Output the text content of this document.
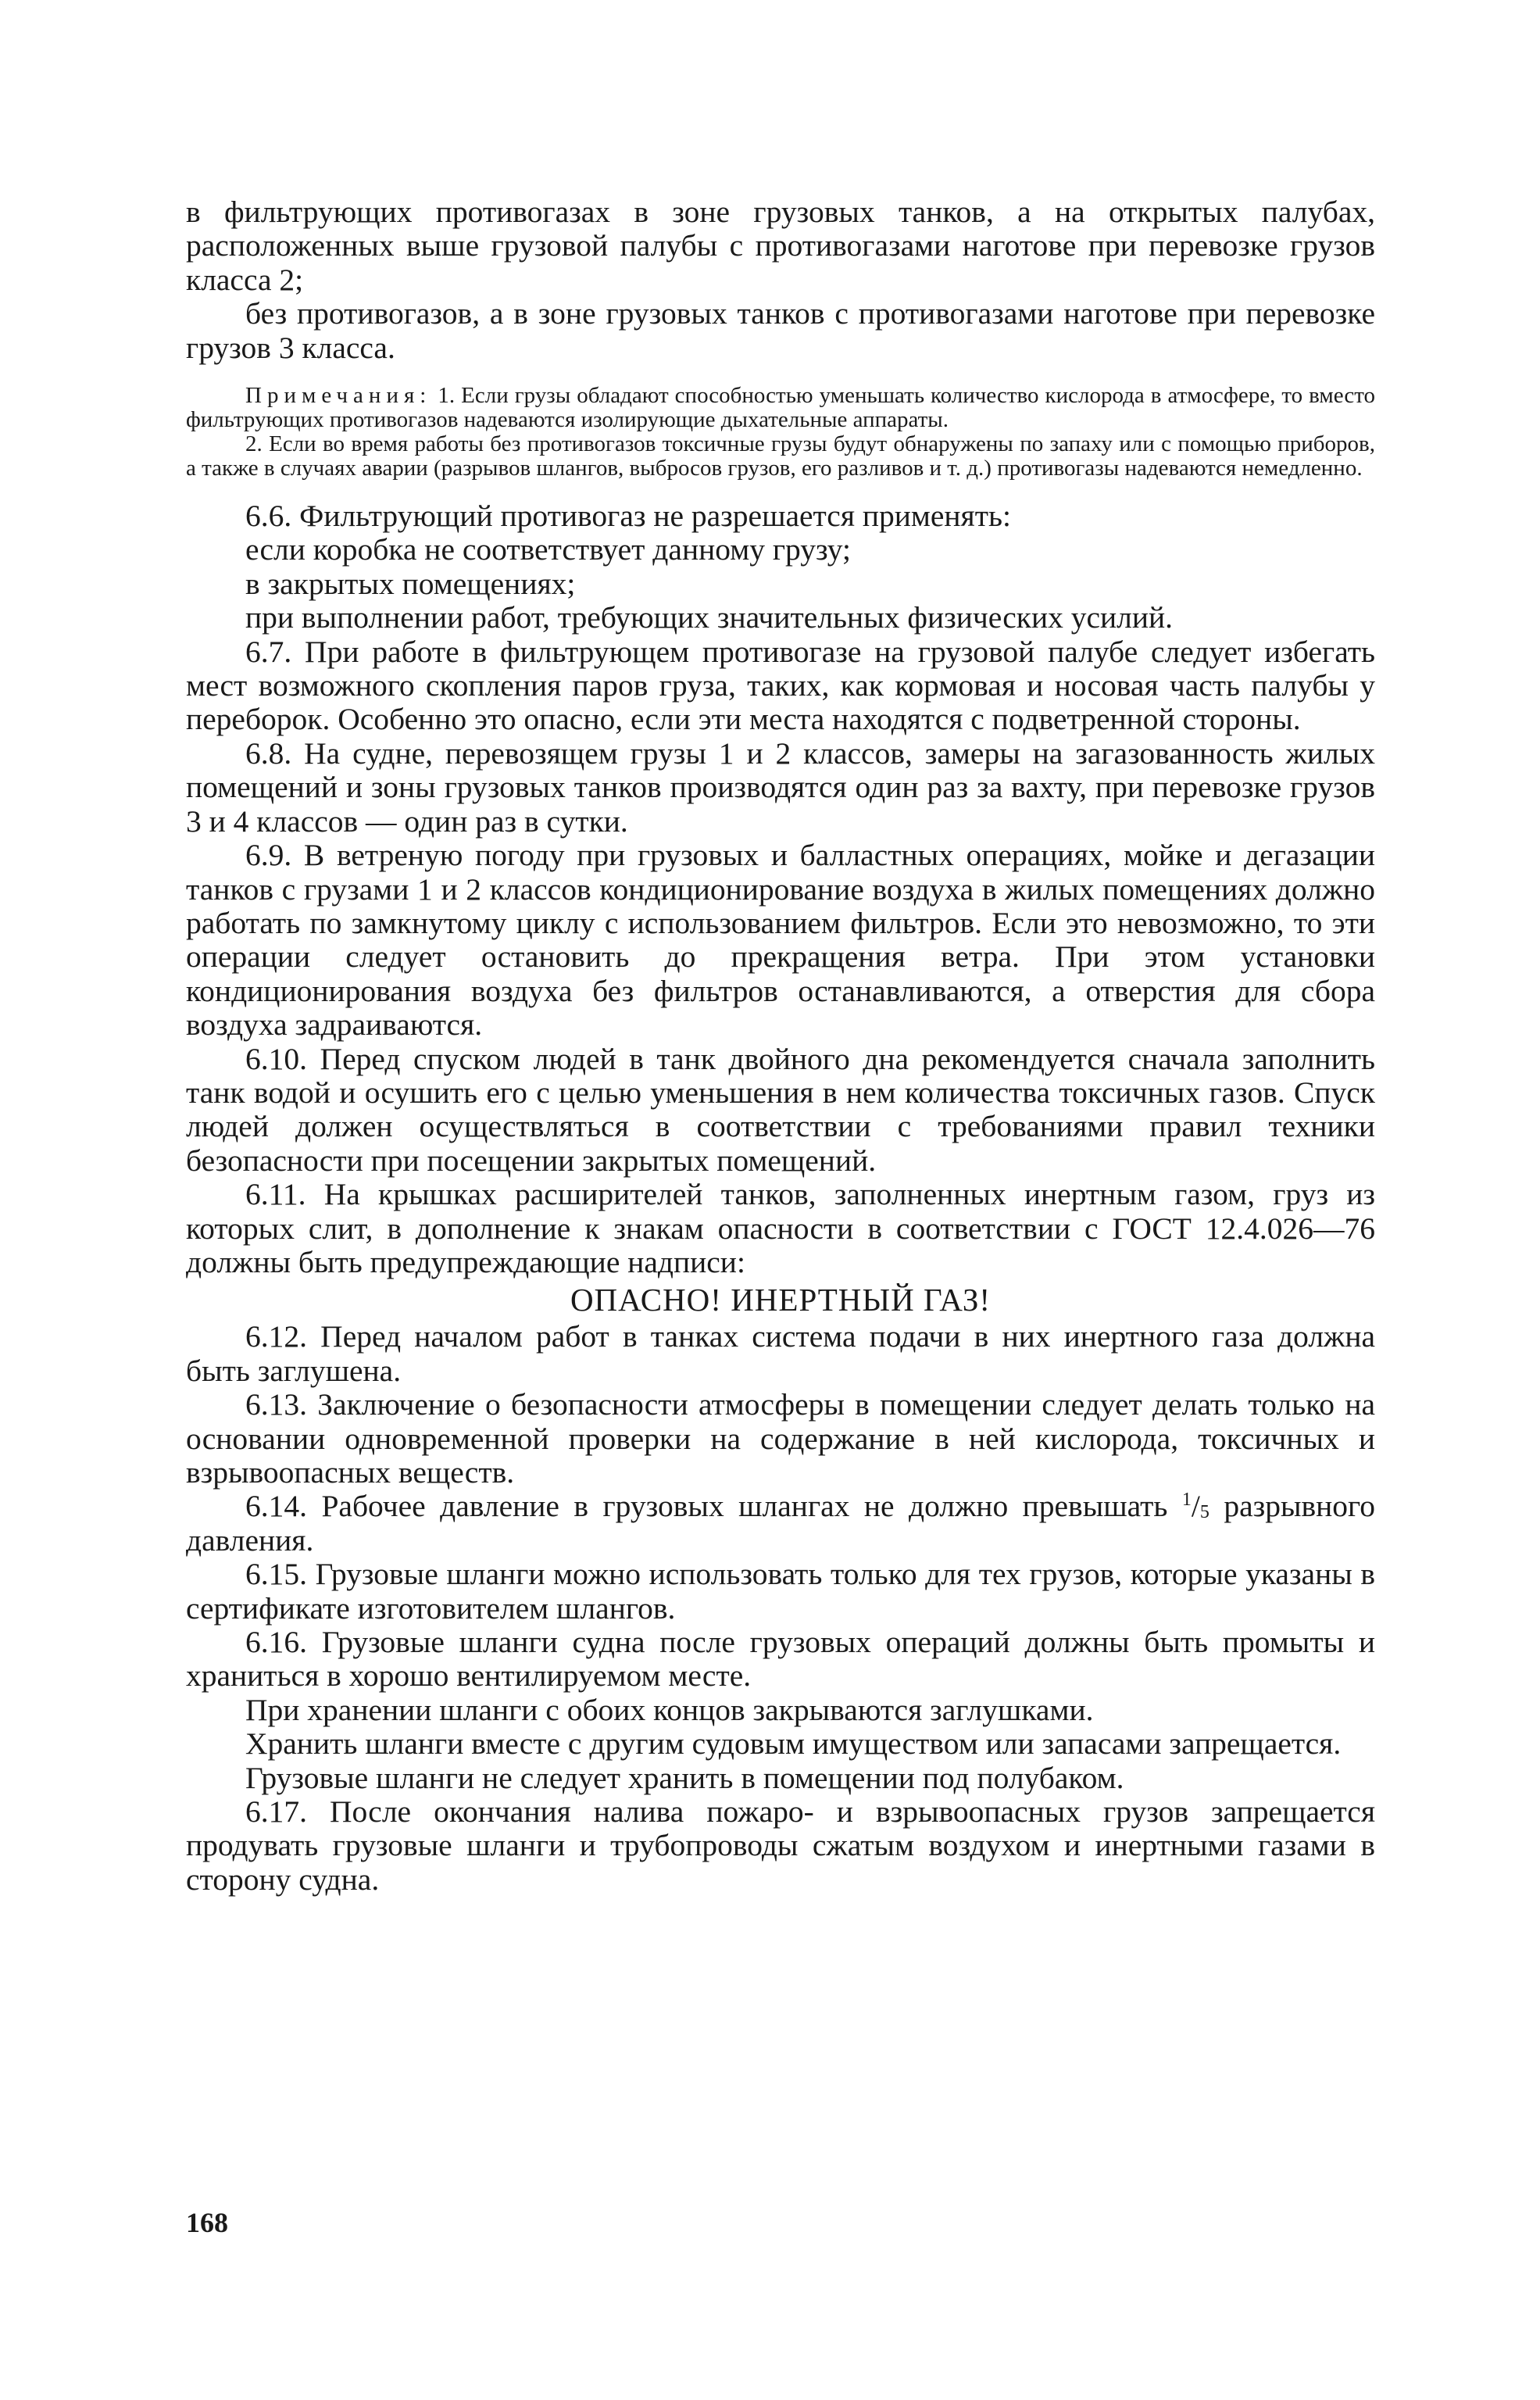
в фильтрующих противогазах в зоне грузовых танков, а на открытых палубах, расположенных выше грузовой палубы с противогазами наготове при перевозке грузов класса 2;

без противогазов, а в зоне грузовых танков с противогазами наготове при перевозке грузов 3 класса.

Примечания: 1. Если грузы обладают способностью уменьшать количество кислорода в атмосфере, то вместо фильтрующих противогазов надеваются изолирующие дыхательные аппараты.

2. Если во время работы без противогазов токсичные грузы будут обнаружены по запаху или с помощью приборов, а также в случаях аварии (разрывов шлангов, выбросов грузов, его разливов и т. д.) противогазы надеваются немедленно.

6.6. Фильтрующий противогаз не разрешается применять:

если коробка не соответствует данному грузу;

в закрытых помещениях;

при выполнении работ, требующих значительных физических усилий.

6.7. При работе в фильтрующем противогазе на грузовой палубе следует избегать мест возможного скопления паров груза, таких, как кормовая и носовая часть палубы у переборок. Особенно это опасно, если эти места находятся с подветренной стороны.

6.8. На судне, перевозящем грузы 1 и 2 классов, замеры на загазованность жилых помещений и зоны грузовых танков производятся один раз за вахту, при перевозке грузов 3 и 4 классов — один раз в сутки.

6.9. В ветреную погоду при грузовых и балластных операциях, мойке и дегазации танков с грузами 1 и 2 классов кондиционирование воздуха в жилых помещениях должно работать по замкнутому циклу с использованием фильтров. Если это невозможно, то эти операции следует остановить до прекращения ветра. При этом установки кондиционирования воздуха без фильтров останавливаются, а отверстия для сбора воздуха задраиваются.

6.10. Перед спуском людей в танк двойного дна рекомендуется сначала заполнить танк водой и осушить его с целью уменьшения в нем количества токсичных газов. Спуск людей должен осуществляться в соответствии с требованиями правил техники безопасности при посещении закрытых помещений.

6.11. На крышках расширителей танков, заполненных инертным газом, груз из которых слит, в дополнение к знакам опасности в соответствии с ГОСТ 12.4.026—76 должны быть предупреждающие надписи:

ОПАСНО! ИНЕРТНЫЙ ГАЗ!

6.12. Перед началом работ в танках система подачи в них инертного газа должна быть заглушена.

6.13. Заключение о безопасности атмосферы в помещении следует делать только на основании одновременной проверки на содержание в ней кислорода, токсичных и взрывоопасных веществ.

6.14. Рабочее давление в грузовых шлангах не должно превышать $^1/_5$ разрывного давления.

6.15. Грузовые шланги можно использовать только для тех грузов, которые указаны в сертификате изготовителем шлангов.

6.16. Грузовые шланги судна после грузовых операций должны быть промыты и храниться в хорошо вентилируемом месте.

При хранении шланги с обоих концов закрываются заглушками.

Хранить шланги вместе с другим судовым имуществом или запасами запрещается.

Грузовые шланги не следует хранить в помещении под полубаком.

6.17. После окончания налива пожаро- и взрывоопасных грузов запрещается продувать грузовые шланги и трубопроводы сжатым воздухом и инертными газами в сторону судна.

168
